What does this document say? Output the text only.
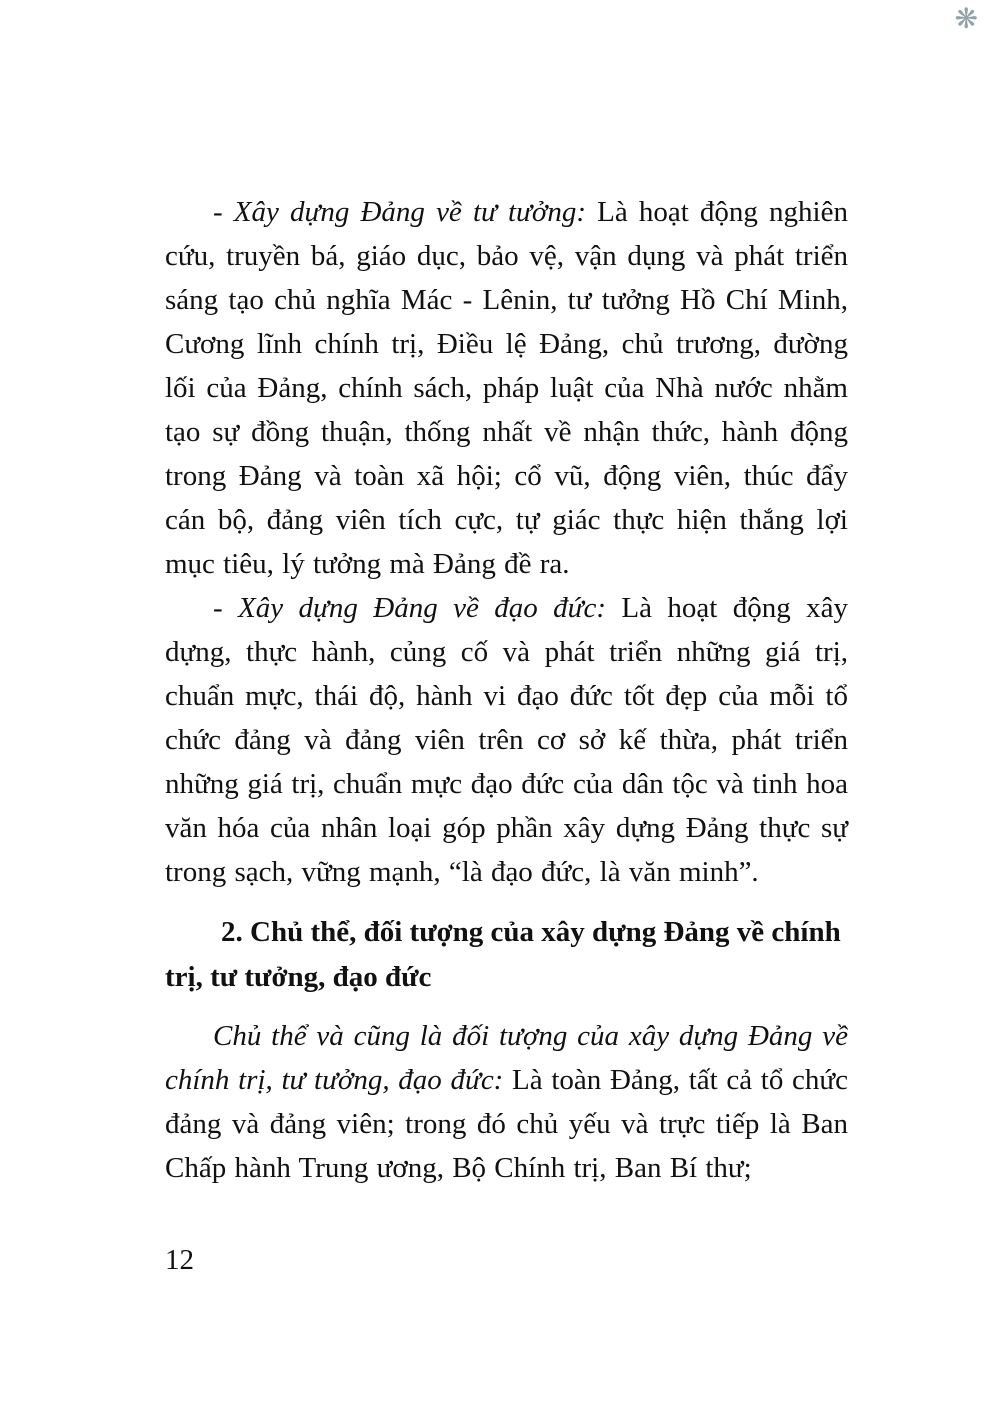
❋

- Xây dựng Đảng về tư tưởng: Là hoạt động nghiên cứu, truyền bá, giáo dục, bảo vệ, vận dụng và phát triển sáng tạo chủ nghĩa Mác - Lênin, tư tưởng Hồ Chí Minh, Cương lĩnh chính trị, Điều lệ Đảng, chủ trương, đường lối của Đảng, chính sách, pháp luật của Nhà nước nhằm tạo sự đồng thuận, thống nhất về nhận thức, hành động trong Đảng và toàn xã hội; cổ vũ, động viên, thúc đẩy cán bộ, đảng viên tích cực, tự giác thực hiện thắng lợi mục tiêu, lý tưởng mà Đảng đề ra.

- Xây dựng Đảng về đạo đức: Là hoạt động xây dựng, thực hành, củng cố và phát triển những giá trị, chuẩn mực, thái độ, hành vi đạo đức tốt đẹp của mỗi tổ chức đảng và đảng viên trên cơ sở kế thừa, phát triển những giá trị, chuẩn mực đạo đức của dân tộc và tinh hoa văn hóa của nhân loại góp phần xây dựng Đảng thực sự trong sạch, vững mạnh, “là đạo đức, là văn minh”.

2. Chủ thể, đối tượng của xây dựng Đảng về chính trị, tư tưởng, đạo đức

Chủ thể và cũng là đối tượng của xây dựng Đảng về chính trị, tư tưởng, đạo đức: Là toàn Đảng, tất cả tổ chức đảng và đảng viên; trong đó chủ yếu và trực tiếp là Ban Chấp hành Trung ương, Bộ Chính trị, Ban Bí thư;

12
